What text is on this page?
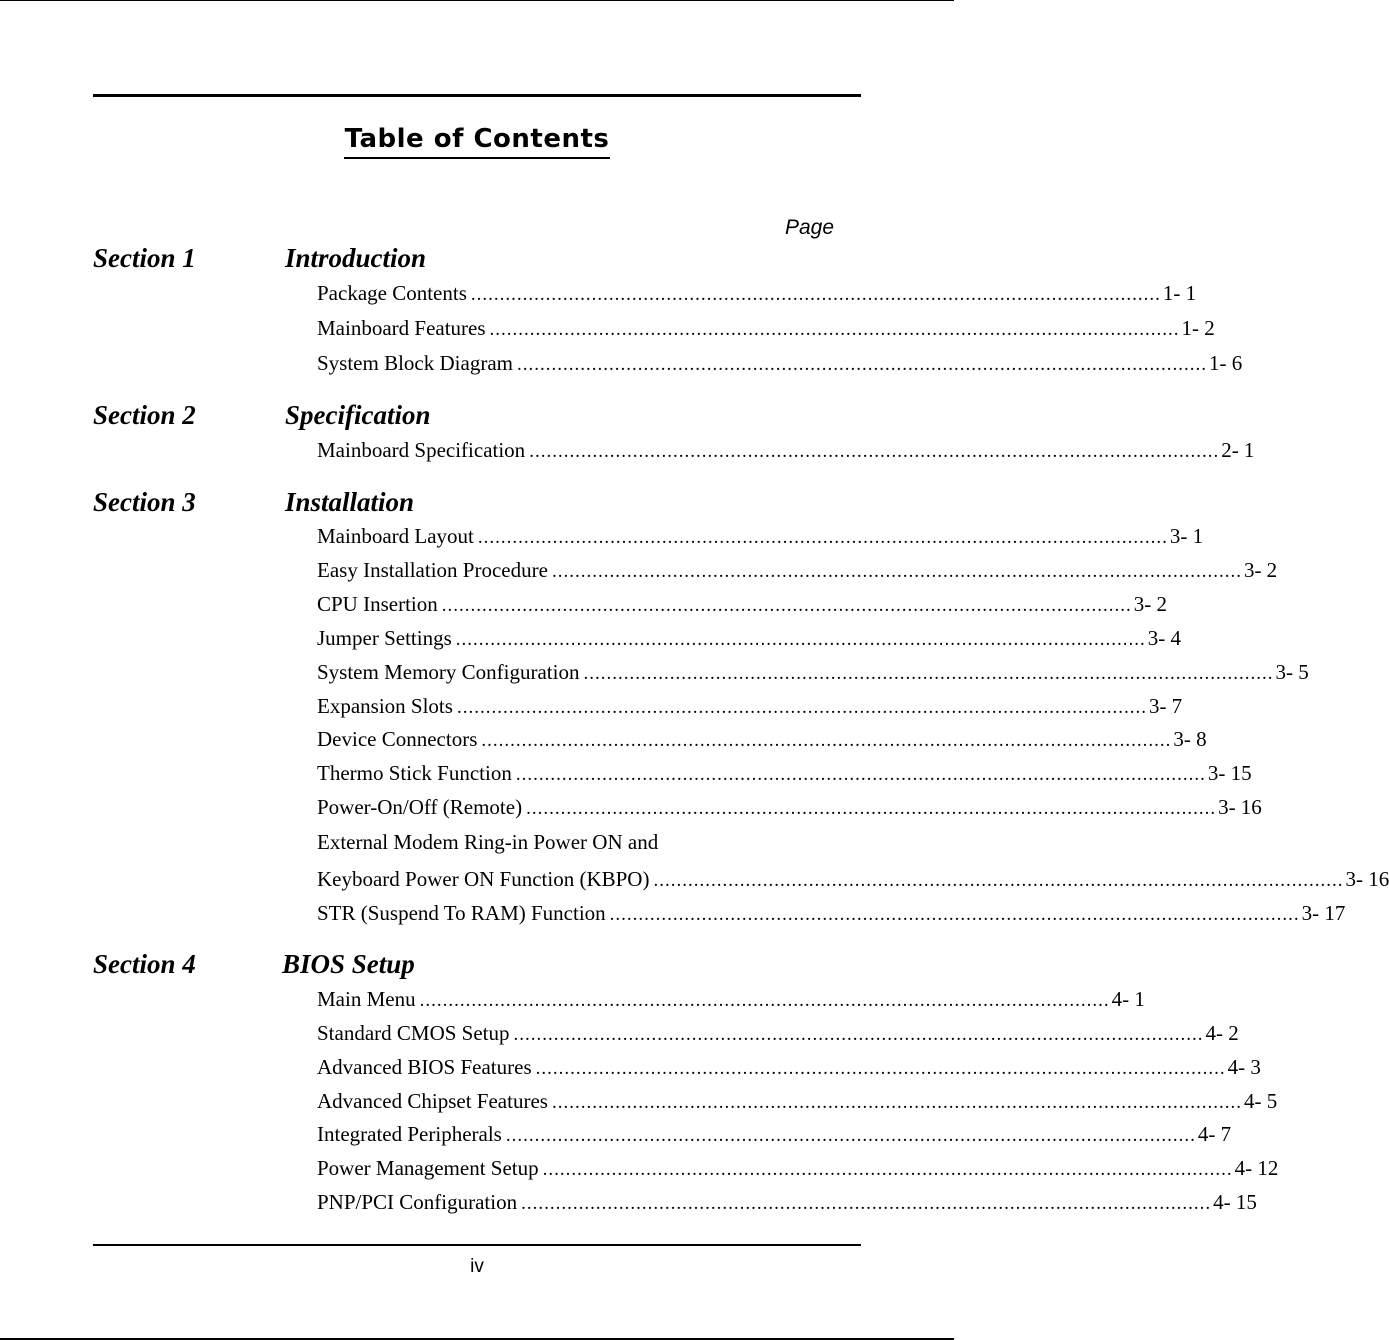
Table of Contents
Page
Section 1	Introduction
Package Contents ........................................................................................................................ 1- 1
Mainboard Features ........................................................................................................................ 1- 2
System Block Diagram ........................................................................................................................ 1- 6
Section 2	Specification
Mainboard Specification ........................................................................................................................ 2- 1
Section 3	Installation
Mainboard Layout ........................................................................................................................ 3- 1
Easy Installation Procedure ........................................................................................................................ 3- 2
CPU Insertion ........................................................................................................................ 3- 2
Jumper Settings ........................................................................................................................ 3- 4
System Memory Configuration ........................................................................................................................ 3- 5
Expansion Slots ........................................................................................................................ 3- 7
Device Connectors ........................................................................................................................ 3- 8
Thermo Stick Function ........................................................................................................................ 3- 15
Power-On/Off (Remote) ........................................................................................................................ 3- 16
External Modem Ring-in Power ON and
Keyboard Power ON Function (KBPO) ........................................................................................................................ 3- 16
STR (Suspend To RAM) Function ........................................................................................................................ 3- 17
Section 4	BIOS Setup
Main Menu ........................................................................................................................ 4- 1
Standard CMOS Setup ........................................................................................................................ 4- 2
Advanced BIOS Features ........................................................................................................................ 4- 3
Advanced Chipset Features ........................................................................................................................ 4- 5
Integrated Peripherals ........................................................................................................................ 4- 7
Power Management Setup ........................................................................................................................ 4- 12
PNP/PCI Configuration ........................................................................................................................ 4- 15
iv
